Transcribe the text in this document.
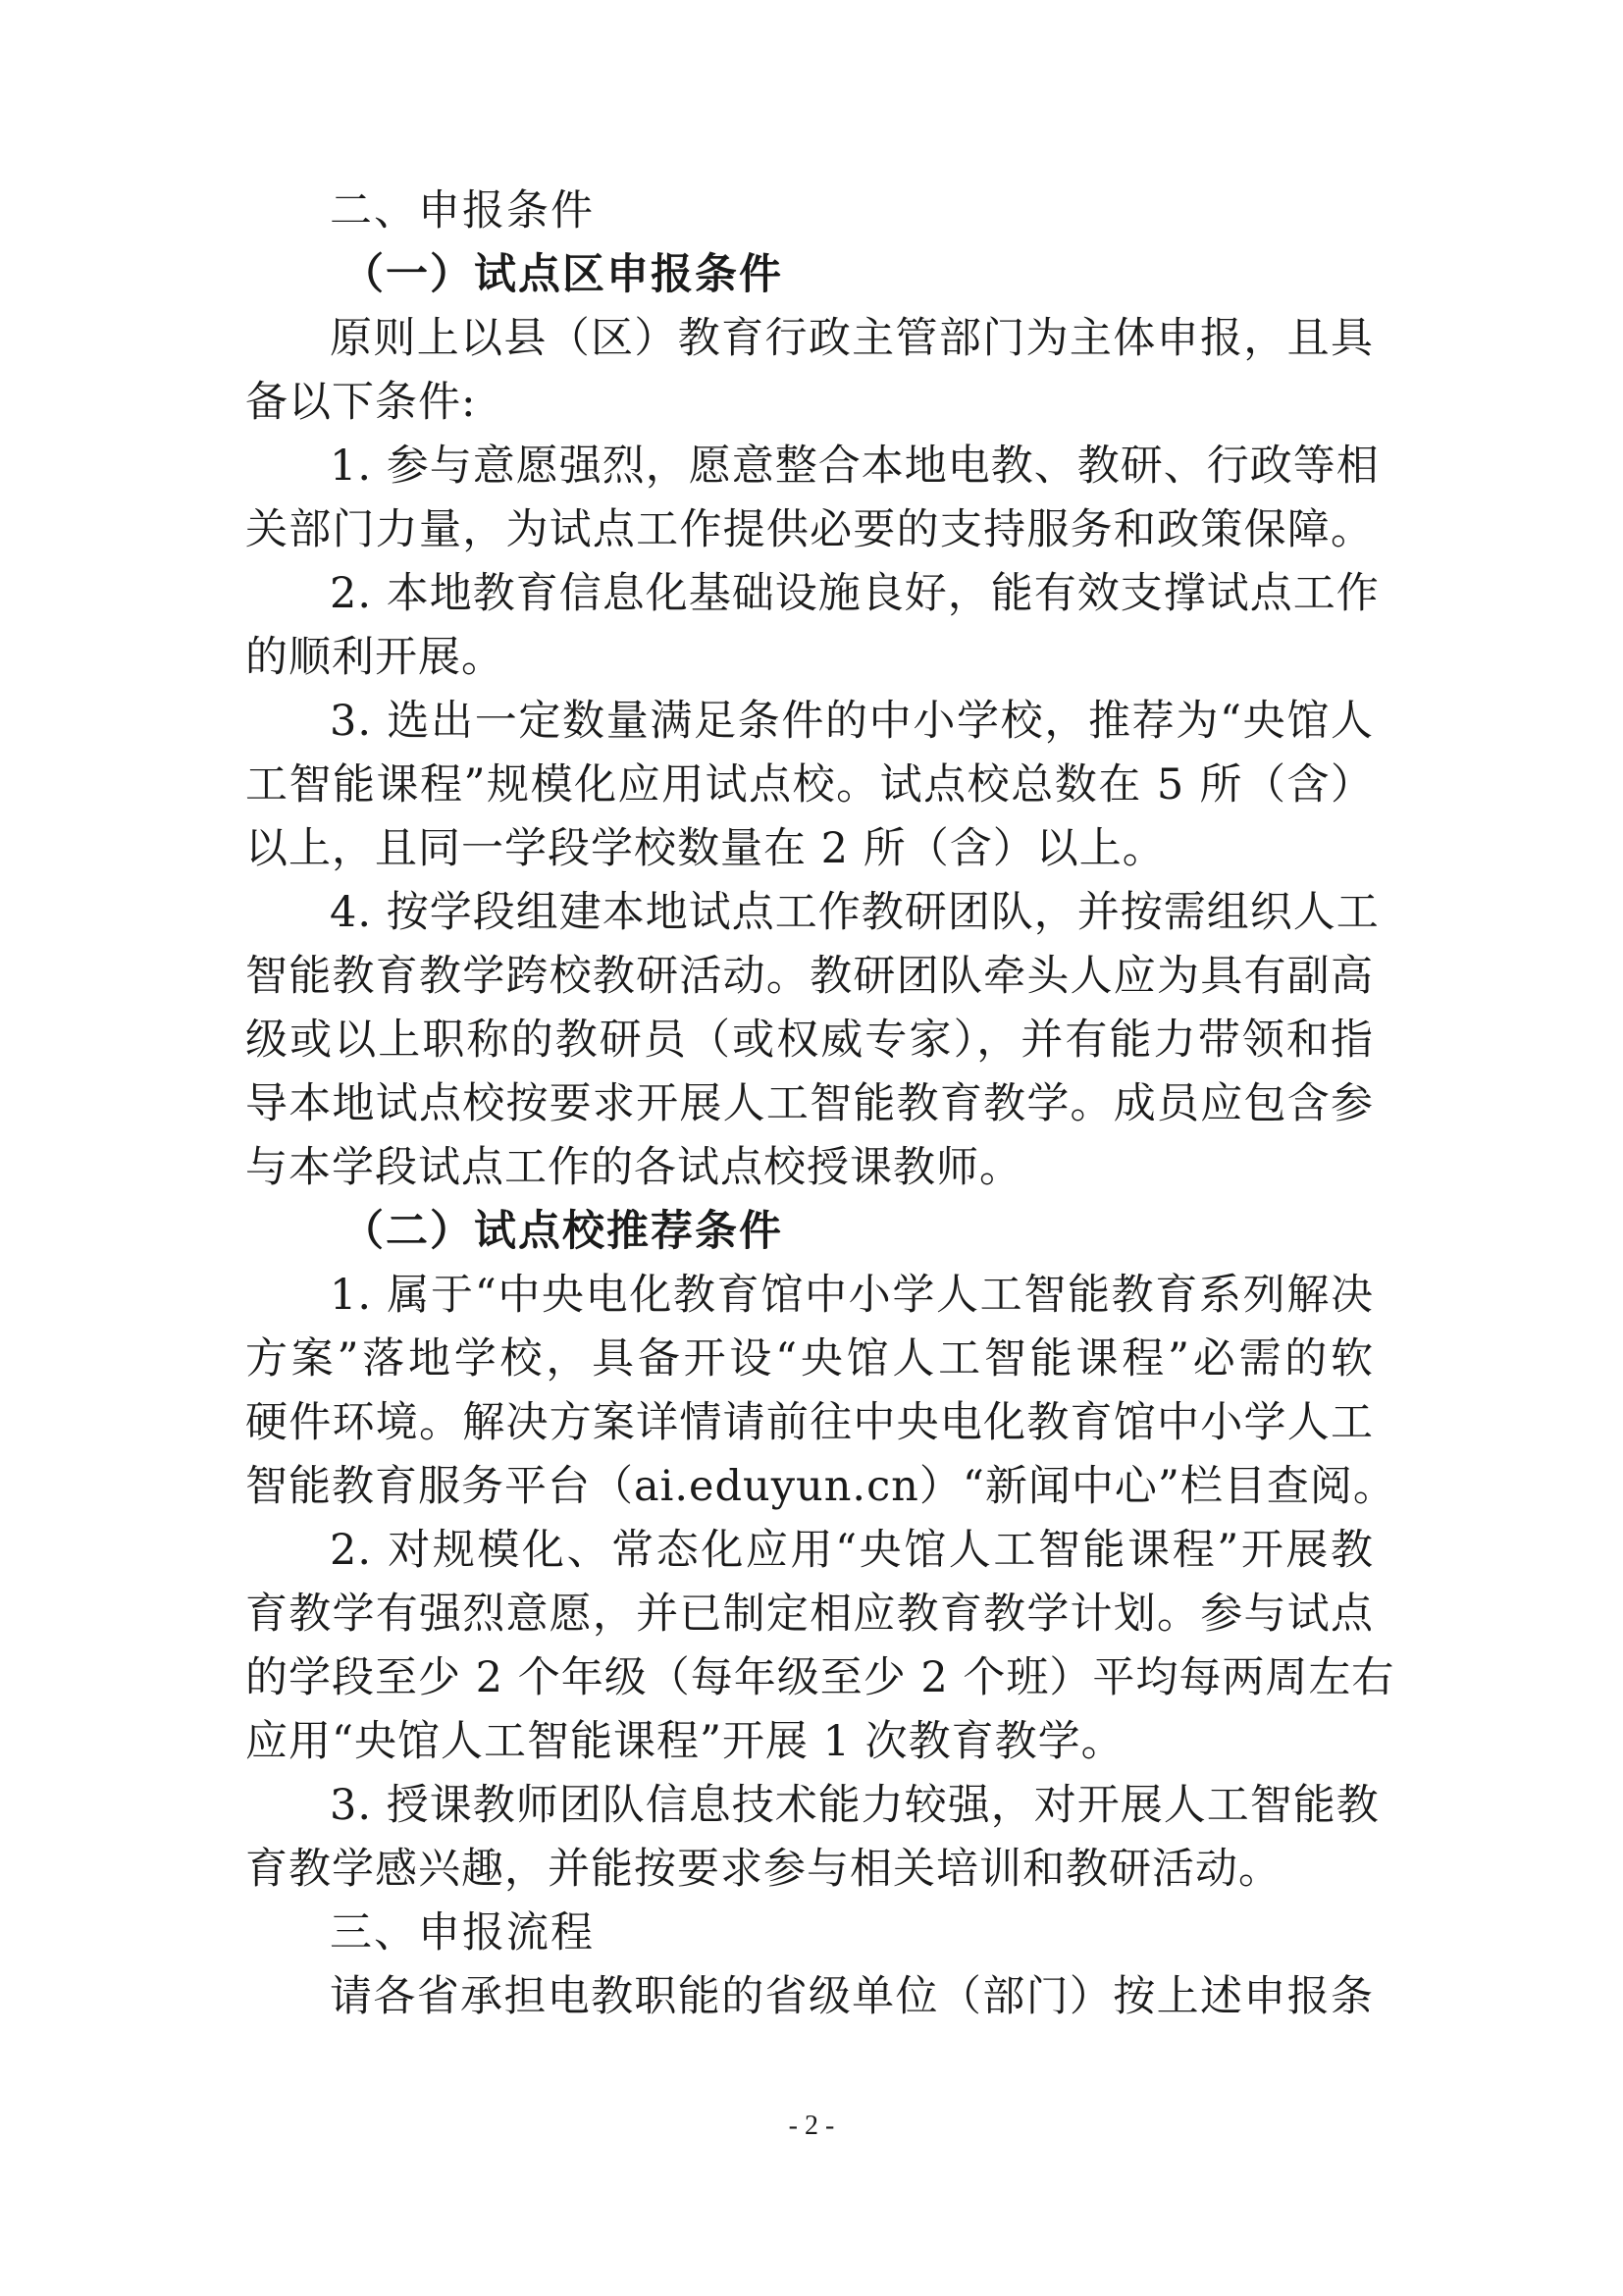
二、申报条件
（一）试点区申报条件
原则上以县（区）教育行政主管部门为主体申报，且具
备以下条件:
1. 参与意愿强烈，愿意整合本地电教、教研、行政等相
关部门力量，为试点工作提供必要的支持服务和政策保障。
2. 本地教育信息化基础设施良好，能有效支撑试点工作
的顺利开展。
3. 选出一定数量满足条件的中小学校，推荐为“央馆人
工智能课程”规模化应用试点校。试点校总数在 5 所（含）
以上，且同一学段学校数量在 2 所（含）以上。
4. 按学段组建本地试点工作教研团队，并按需组织人工
智能教育教学跨校教研活动。教研团队牵头人应为具有副高
级或以上职称的教研员（或权威专家），并有能力带领和指
导本地试点校按要求开展人工智能教育教学。成员应包含参
与本学段试点工作的各试点校授课教师。
（二）试点校推荐条件
1. 属于“中央电化教育馆中小学人工智能教育系列解决
方案”落地学校，具备开设“央馆人工智能课程”必需的软
硬件环境。解决方案详情请前往中央电化教育馆中小学人工
智能教育服务平台（ai.eduyun.cn）“新闻中心”栏目查阅。
2. 对规模化、常态化应用“央馆人工智能课程”开展教
育教学有强烈意愿，并已制定相应教育教学计划。参与试点
的学段至少 2 个年级（每年级至少 2 个班）平均每两周左右
应用“央馆人工智能课程”开展 1 次教育教学。
3. 授课教师团队信息技术能力较强，对开展人工智能教
育教学感兴趣，并能按要求参与相关培训和教研活动。
三、申报流程
请各省承担电教职能的省级单位（部门）按上述申报条
- 2 -
